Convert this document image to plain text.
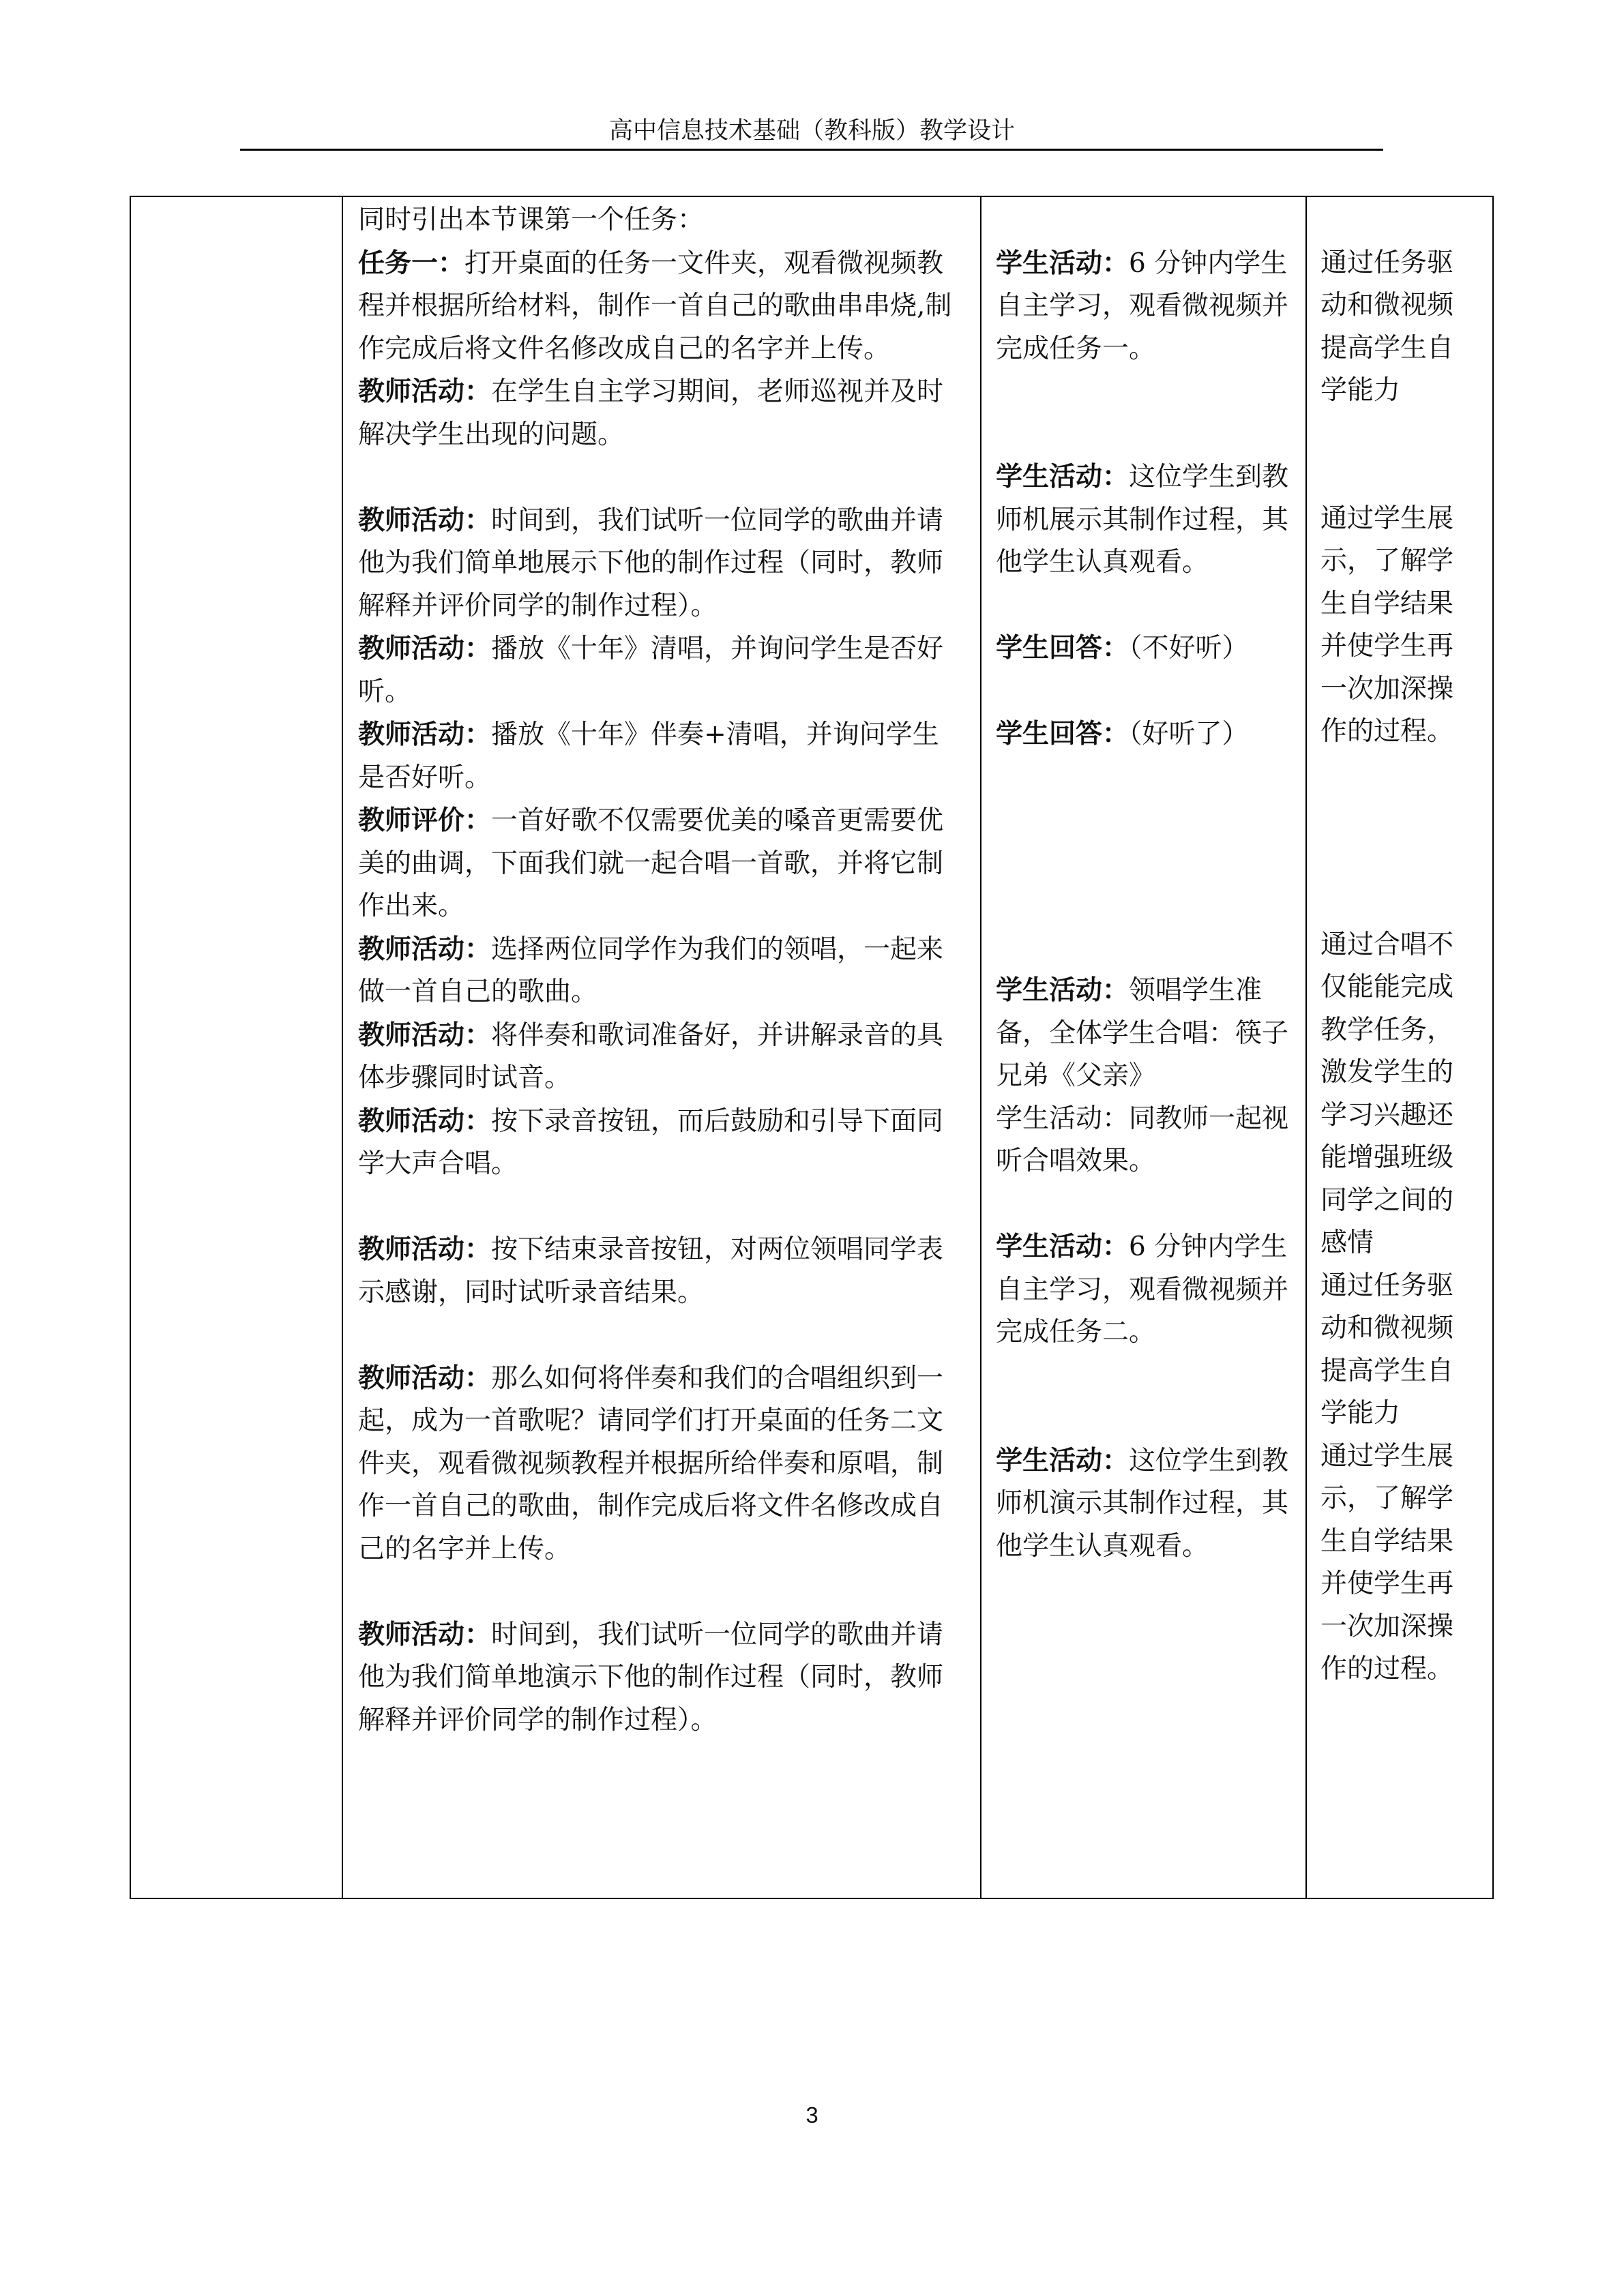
高中信息技术基础（教科版）教学设计

同时引出本节课第一个任务：

任务一：打开桌面的任务一文件夹，观看微视频教程并根据所给材料，制作一首自己的歌曲串串烧,制作完成后将文件名修改成自己的名字并上传。

教师活动：在学生自主学习期间，老师巡视并及时解决学生出现的问题。

教师活动：时间到，我们试听一位同学的歌曲并请他为我们简单地展示下他的制作过程（同时，教师解释并评价同学的制作过程）。

教师活动：播放《十年》清唱，并询问学生是否好听。

教师活动：播放《十年》伴奏+清唱，并询问学生是否好听。

教师评价：一首好歌不仅需要优美的嗓音更需要优美的曲调，下面我们就一起合唱一首歌，并将它制作出来。

教师活动：选择两位同学作为我们的领唱，一起来做一首自己的歌曲。

教师活动：将伴奏和歌词准备好，并讲解录音的具体步骤同时试音。

教师活动：按下录音按钮，而后鼓励和引导下面同学大声合唱。

教师活动：按下结束录音按钮，对两位领唱同学表示感谢，同时试听录音结果。

教师活动：那么如何将伴奏和我们的合唱组织到一起，成为一首歌呢？请同学们打开桌面的任务二文件夹，观看微视频教程并根据所给伴奏和原唱，制作一首自己的歌曲，制作完成后将文件名修改成自己的名字并上传。

教师活动：时间到，我们试听一位同学的歌曲并请他为我们简单地演示下他的制作过程（同时，教师解释并评价同学的制作过程）。

学生活动：6 分钟内学生自主学习，观看微视频并完成任务一。

学生活动：这位学生到教师机展示其制作过程，其他学生认真观看。

学生回答：（不好听）

学生回答：（好听了）

学生活动：领唱学生准备，全体学生合唱：筷子兄弟《父亲》

学生活动：同教师一起视听合唱效果。

学生活动：6 分钟内学生自主学习，观看微视频并完成任务二。

学生活动：这位学生到教师机演示其制作过程，其他学生认真观看。

通过任务驱动和微视频提高学生自学能力

通过学生展示，了解学生自学结果并使学生再一次加深操作的过程。

通过合唱不仅能能完成教学任务，激发学生的学习兴趣还能增强班级同学之间的感情

通过任务驱动和微视频提高学生自学能力

通过学生展示，了解学生自学结果并使学生再一次加深操作的过程。

3
